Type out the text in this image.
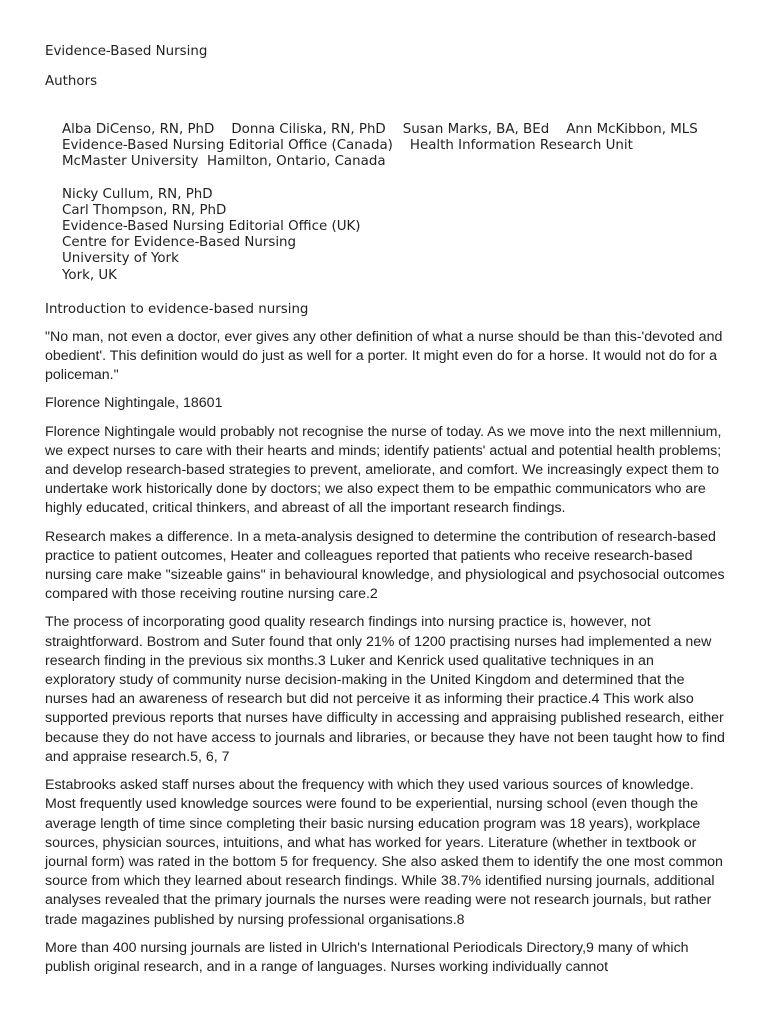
Evidence-Based Nursing
Authors
Alba DiCenso, RN, PhD    Donna Ciliska, RN, PhD    Susan Marks, BA, BEd    Ann McKibbon, MLS
Evidence-Based Nursing Editorial Office (Canada)    Health Information Research Unit
McMaster University  Hamilton, Ontario, Canada
Nicky Cullum, RN, PhD
Carl Thompson, RN, PhD
Evidence-Based Nursing Editorial Office (UK)
Centre for Evidence-Based Nursing
University of York
York, UK
Introduction to evidence-based nursing
"No man, not even a doctor, ever gives any other definition of what a nurse should be than this-'devoted and obedient'. This definition would do just as well for a porter. It might even do for a horse. It would not do for a policeman."
Florence Nightingale, 18601
Florence Nightingale would probably not recognise the nurse of today. As we move into the next millennium, we expect nurses to care with their hearts and minds; identify patients' actual and potential health problems; and develop research-based strategies to prevent, ameliorate, and comfort. We increasingly expect them to undertake work historically done by doctors; we also expect them to be empathic communicators who are highly educated, critical thinkers, and abreast of all the important research findings.
Research makes a difference. In a meta-analysis designed to determine the contribution of research-based practice to patient outcomes, Heater and colleagues reported that patients who receive research-based nursing care make "sizeable gains" in behavioural knowledge, and physiological and psychosocial outcomes compared with those receiving routine nursing care.2
The process of incorporating good quality research findings into nursing practice is, however, not straightforward. Bostrom and Suter found that only 21% of 1200 practising nurses had implemented a new research finding in the previous six months.3 Luker and Kenrick used qualitative techniques in an exploratory study of community nurse decision-making in the United Kingdom and determined that the nurses had an awareness of research but did not perceive it as informing their practice.4 This work also supported previous reports that nurses have difficulty in accessing and appraising published research, either because they do not have access to journals and libraries, or because they have not been taught how to find and appraise research.5, 6, 7
Estabrooks asked staff nurses about the frequency with which they used various sources of knowledge. Most frequently used knowledge sources were found to be experiential, nursing school (even though the average length of time since completing their basic nursing education program was 18 years), workplace sources, physician sources, intuitions, and what has worked for years. Literature (whether in textbook or journal form) was rated in the bottom 5 for frequency. She also asked them to identify the one most common source from which they learned about research findings. While 38.7% identified nursing journals, additional analyses revealed that the primary journals the nurses were reading were not research journals, but rather trade magazines published by nursing professional organisations.8
More than 400 nursing journals are listed in Ulrich's International Periodicals Directory,9 many of which publish original research, and in a range of languages. Nurses working individually cannot
